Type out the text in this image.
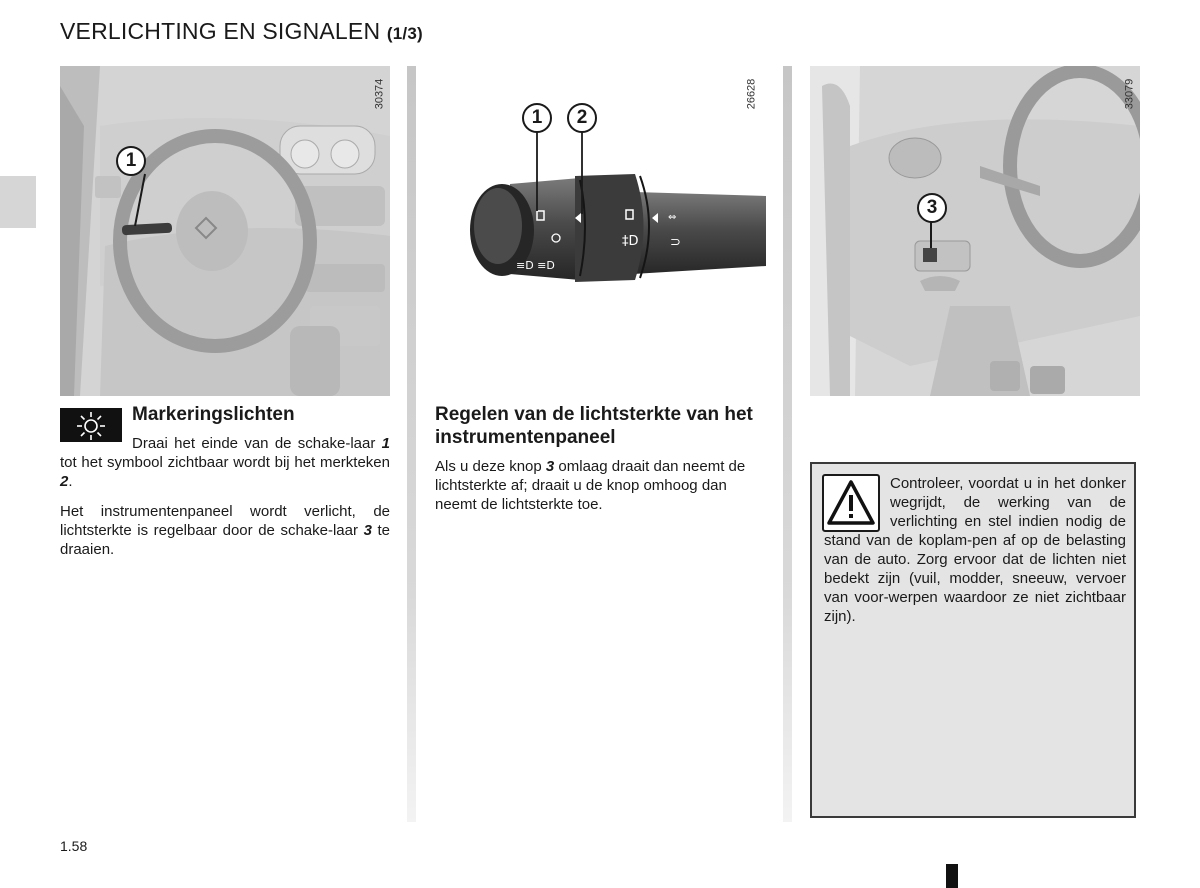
VERLICHTING EN SIGNALEN (1/3)
30374
1
≡D ≡D
‡D
⇔
⊃
1	2
26628	33079
3
Markeringslichten

Draai het einde van de schake-laar 1 tot het symbool zichtbaar wordt bij het merkteken 2.

Het instrumentenpaneel wordt verlicht, de lichtsterkte is regelbaar door de schake-laar 3 te draaien.

Regelen van de lichtsterkte van het instrumentenpaneel

Als u deze knop 3 omlaag draait dan neemt de lichtsterkte af; draait u de knop omhoog dan neemt de lichtsterkte toe.

Controleer, voordat u in het donker wegrijdt, de werking van de verlichting en stel indien nodig de stand van de koplam-pen af op de belasting van de auto. Zorg ervoor dat de lichten niet bedekt zijn (vuil, modder, sneeuw, vervoer van voor-werpen waardoor ze niet zichtbaar zijn).
1.58
